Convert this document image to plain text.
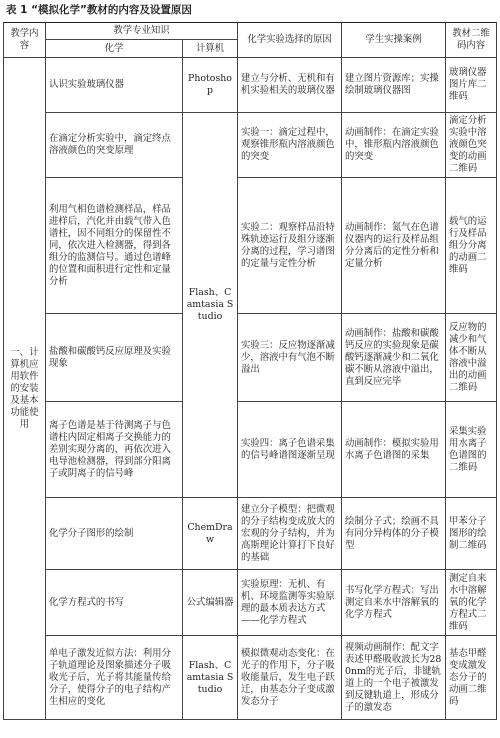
表 1 “模拟化学”教材的内容及设置原因
教学内容	教学专业知识		化学实验选择的原因	学生实操案例	教材二维码内容
	化学	计算机			
一、计算机应用软件的安装及基本功能使用	认识实验玻璃仪器	Photoshop	建立与分析、无机和有机实验相关的玻璃仪器	建立图片资源库；实操绘制玻璃仪器图	玻璃仪器图片库二维码
	在滴定分析实验中，滴定终点溶液颜色的突变原理	Flash、Camtasia Studio	实验一：滴定过程中，观察锥形瓶内溶液颜色的突变	动画制作：在滴定实验中，锥形瓶内溶液颜色的突变	滴定分析实验中溶液颜色突变的动画二维码
	利用气相色谱检测样品，样品进样后，汽化并由载气带入色谱柱，因不同组分的保留性不同，依次进入检测器，得到各组分的监测信号。通过色谱峰的位置和面积进行定性和定量分析		实验二：观察样品沿特殊轨迹运行及组分逐渐分离的过程，学习谱图的定量与定性分析	动画制作：氮气在色谱仪器内的运行及样品组分分离后的定性分析和定量分析	载气的运行及样品组分分离的动画二维码
	盐酸和碳酸钙反应原理及实验现象		实验三：反应物逐渐减少，溶液中有气泡不断溢出	动画制作：盐酸和碳酸钙反应的实验现象是碳酸钙逐渐减少和二氧化碳不断从溶液中溢出，直到反应完毕	反应物的减少和气体不断从溶液中溢出的动画二维码
	离子色谱是基于待测离子与色谱柱内固定相离子交换能力的差别实现分离的，再依次进入电导池检测器，得到部分阳离子或阴离子的信号峰		实验四：离子色谱采集的信号峰谱图逐渐呈现	动画制作：模拟实验用水离子色谱图的采集	采集实验用水离子色谱图的二维码
	化学分子图形的绘制	ChemDraw	建立分子模型：把微观的分子结构变成放大的宏观的分子结构，并为高斯理论计算打下良好的基础	绘制分子式；绘画不具有同分异构体的分子模型	甲苯分子图形的绘制二维码
	化学方程式的书写	公式编辑器	实验原理：无机、有机、环境监测等实验原理的最本质表达方式——化学方程式	书写化学方程式：写出测定自来水中溶解氧的化学方程式	测定自来水中溶解氧的化学方程式二维码
	单电子激发近似方法：利用分子轨道理论及图象描述分子吸收光子后，光子将其能量传给分子，使得分子的电子结构产生相应的变化	Flash、Camtasia Studio	模拟微观动态变化：在光子的作用下，分子吸收能量后，发生电子跃迁，由基态分子变成激发态分子	视频动画制作：配文字表述甲醛吸收波长为280nm的光子后，非键轨道上的一个电子被激发到反键轨道上，形成分子的激发态	基态甲醛变成激发态分子的动画二维码
